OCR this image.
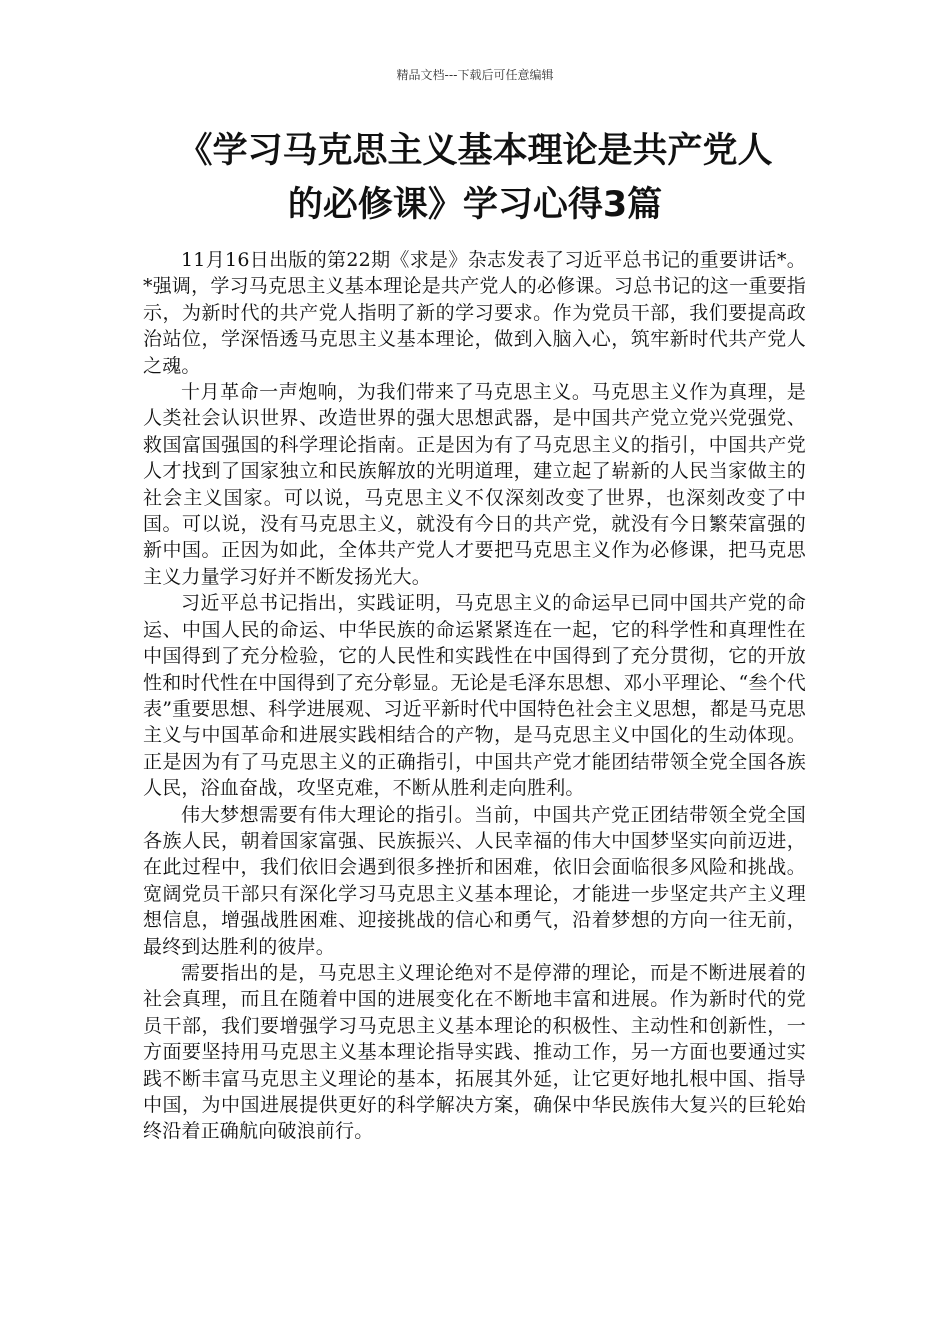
精品文档---下载后可任意编辑
《学习马克思主义基本理论是共产党人
的必修课》学习心得3篇

11月16日出版的第22期《求是》杂志发表了习近平总书记的重要讲话*。*强调，学习马克思主义基本理论是共产党人的必修课。习总书记的这一重要指示，为新时代的共产党人指明了新的学习要求。作为党员干部，我们要提高政治站位，学深悟透马克思主义基本理论，做到入脑入心，筑牢新时代共产党人之魂。

十月革命一声炮响，为我们带来了马克思主义。马克思主义作为真理，是人类社会认识世界、改造世界的强大思想武器，是中国共产党立党兴党强党、救国富国强国的科学理论指南。正是因为有了马克思主义的指引，中国共产党人才找到了国家独立和民族解放的光明道理，建立起了崭新的人民当家做主的社会主义国家。可以说，马克思主义不仅深刻改变了世界，也深刻改变了中国。可以说，没有马克思主义，就没有今日的共产党，就没有今日繁荣富强的新中国。正因为如此，全体共产党人才要把马克思主义作为必修课，把马克思主义力量学习好并不断发扬光大。

习近平总书记指出，实践证明，马克思主义的命运早已同中国共产党的命运、中国人民的命运、中华民族的命运紧紧连在一起，它的科学性和真理性在中国得到了充分检验，它的人民性和实践性在中国得到了充分贯彻，它的开放性和时代性在中国得到了充分彰显。无论是毛泽东思想、邓小平理论、“叁个代表”重要思想、科学进展观、习近平新时代中国特色社会主义思想，都是马克思主义与中国革命和进展实践相结合的产物，是马克思主义中国化的生动体现。正是因为有了马克思主义的正确指引，中国共产党才能团结带领全党全国各族人民，浴血奋战，攻坚克难，不断从胜利走向胜利。

伟大梦想需要有伟大理论的指引。当前，中国共产党正团结带领全党全国各族人民，朝着国家富强、民族振兴、人民幸福的伟大中国梦坚实向前迈进，在此过程中，我们依旧会遇到很多挫折和困难，依旧会面临很多风险和挑战。宽阔党员干部只有深化学习马克思主义基本理论，才能进一步坚定共产主义理想信息，增强战胜困难、迎接挑战的信心和勇气，沿着梦想的方向一往无前，最终到达胜利的彼岸。

需要指出的是，马克思主义理论绝对不是停滞的理论，而是不断进展着的社会真理，而且在随着中国的进展变化在不断地丰富和进展。作为新时代的党员干部，我们要增强学习马克思主义基本理论的积极性、主动性和创新性，一方面要坚持用马克思主义基本理论指导实践、推动工作，另一方面也要通过实践不断丰富马克思主义理论的基本，拓展其外延，让它更好地扎根中国、指导中国，为中国进展提供更好的科学解决方案，确保中华民族伟大复兴的巨轮始终沿着正确航向破浪前行。
